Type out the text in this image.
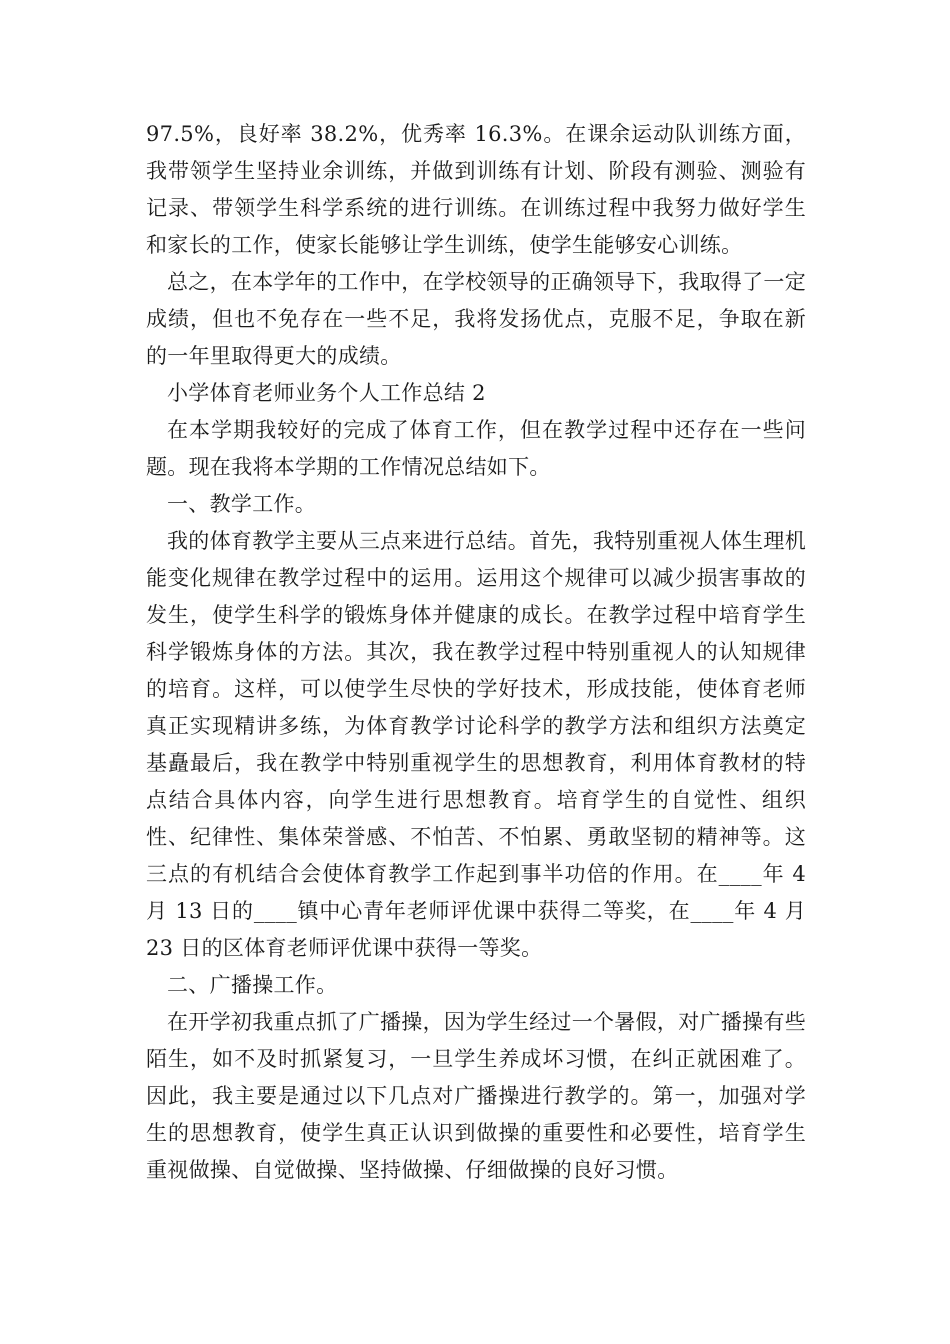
97.5%，良好率 38.2%，优秀率 16.3%。在课余运动队训练方面，我带领学生坚持业余训练，并做到训练有计划、阶段有测验、测验有记录、带领学生科学系统的进行训练。在训练过程中我努力做好学生和家长的工作，使家长能够让学生训练，使学生能够安心训练。

总之，在本学年的工作中，在学校领导的正确领导下，我取得了一定成绩，但也不免存在一些不足，我将发扬优点，克服不足，争取在新的一年里取得更大的成绩。

小学体育老师业务个人工作总结 2

在本学期我较好的完成了体育工作，但在教学过程中还存在一些问题。现在我将本学期的工作情况总结如下。

一、教学工作。

我的体育教学主要从三点来进行总结。首先，我特别重视人体生理机能变化规律在教学过程中的运用。运用这个规律可以减少损害事故的发生，使学生科学的锻炼身体并健康的成长。在教学过程中培育学生科学锻炼身体的方法。其次，我在教学过程中特别重视人的认知规律的培育。这样，可以使学生尽快的学好技术，形成技能，使体育老师真正实现精讲多练，为体育教学讨论科学的教学方法和组织方法奠定基矗最后，我在教学中特别重视学生的思想教育，利用体育教材的特点结合具体内容，向学生进行思想教育。培育学生的自觉性、组织性、纪律性、集体荣誉感、不怕苦、不怕累、勇敢坚韧的精神等。这三点的有机结合会使体育教学工作起到事半功倍的作用。在____年 4 月 13 日的____镇中心青年老师评优课中获得二等奖，在____年 4 月 23 日的区体育老师评优课中获得一等奖。

二、广播操工作。

在开学初我重点抓了广播操，因为学生经过一个暑假，对广播操有些陌生，如不及时抓紧复习，一旦学生养成坏习惯，在纠正就困难了。因此，我主要是通过以下几点对广播操进行教学的。第一，加强对学生的思想教育，使学生真正认识到做操的重要性和必要性，培育学生重视做操、自觉做操、坚持做操、仔细做操的良好习惯。
